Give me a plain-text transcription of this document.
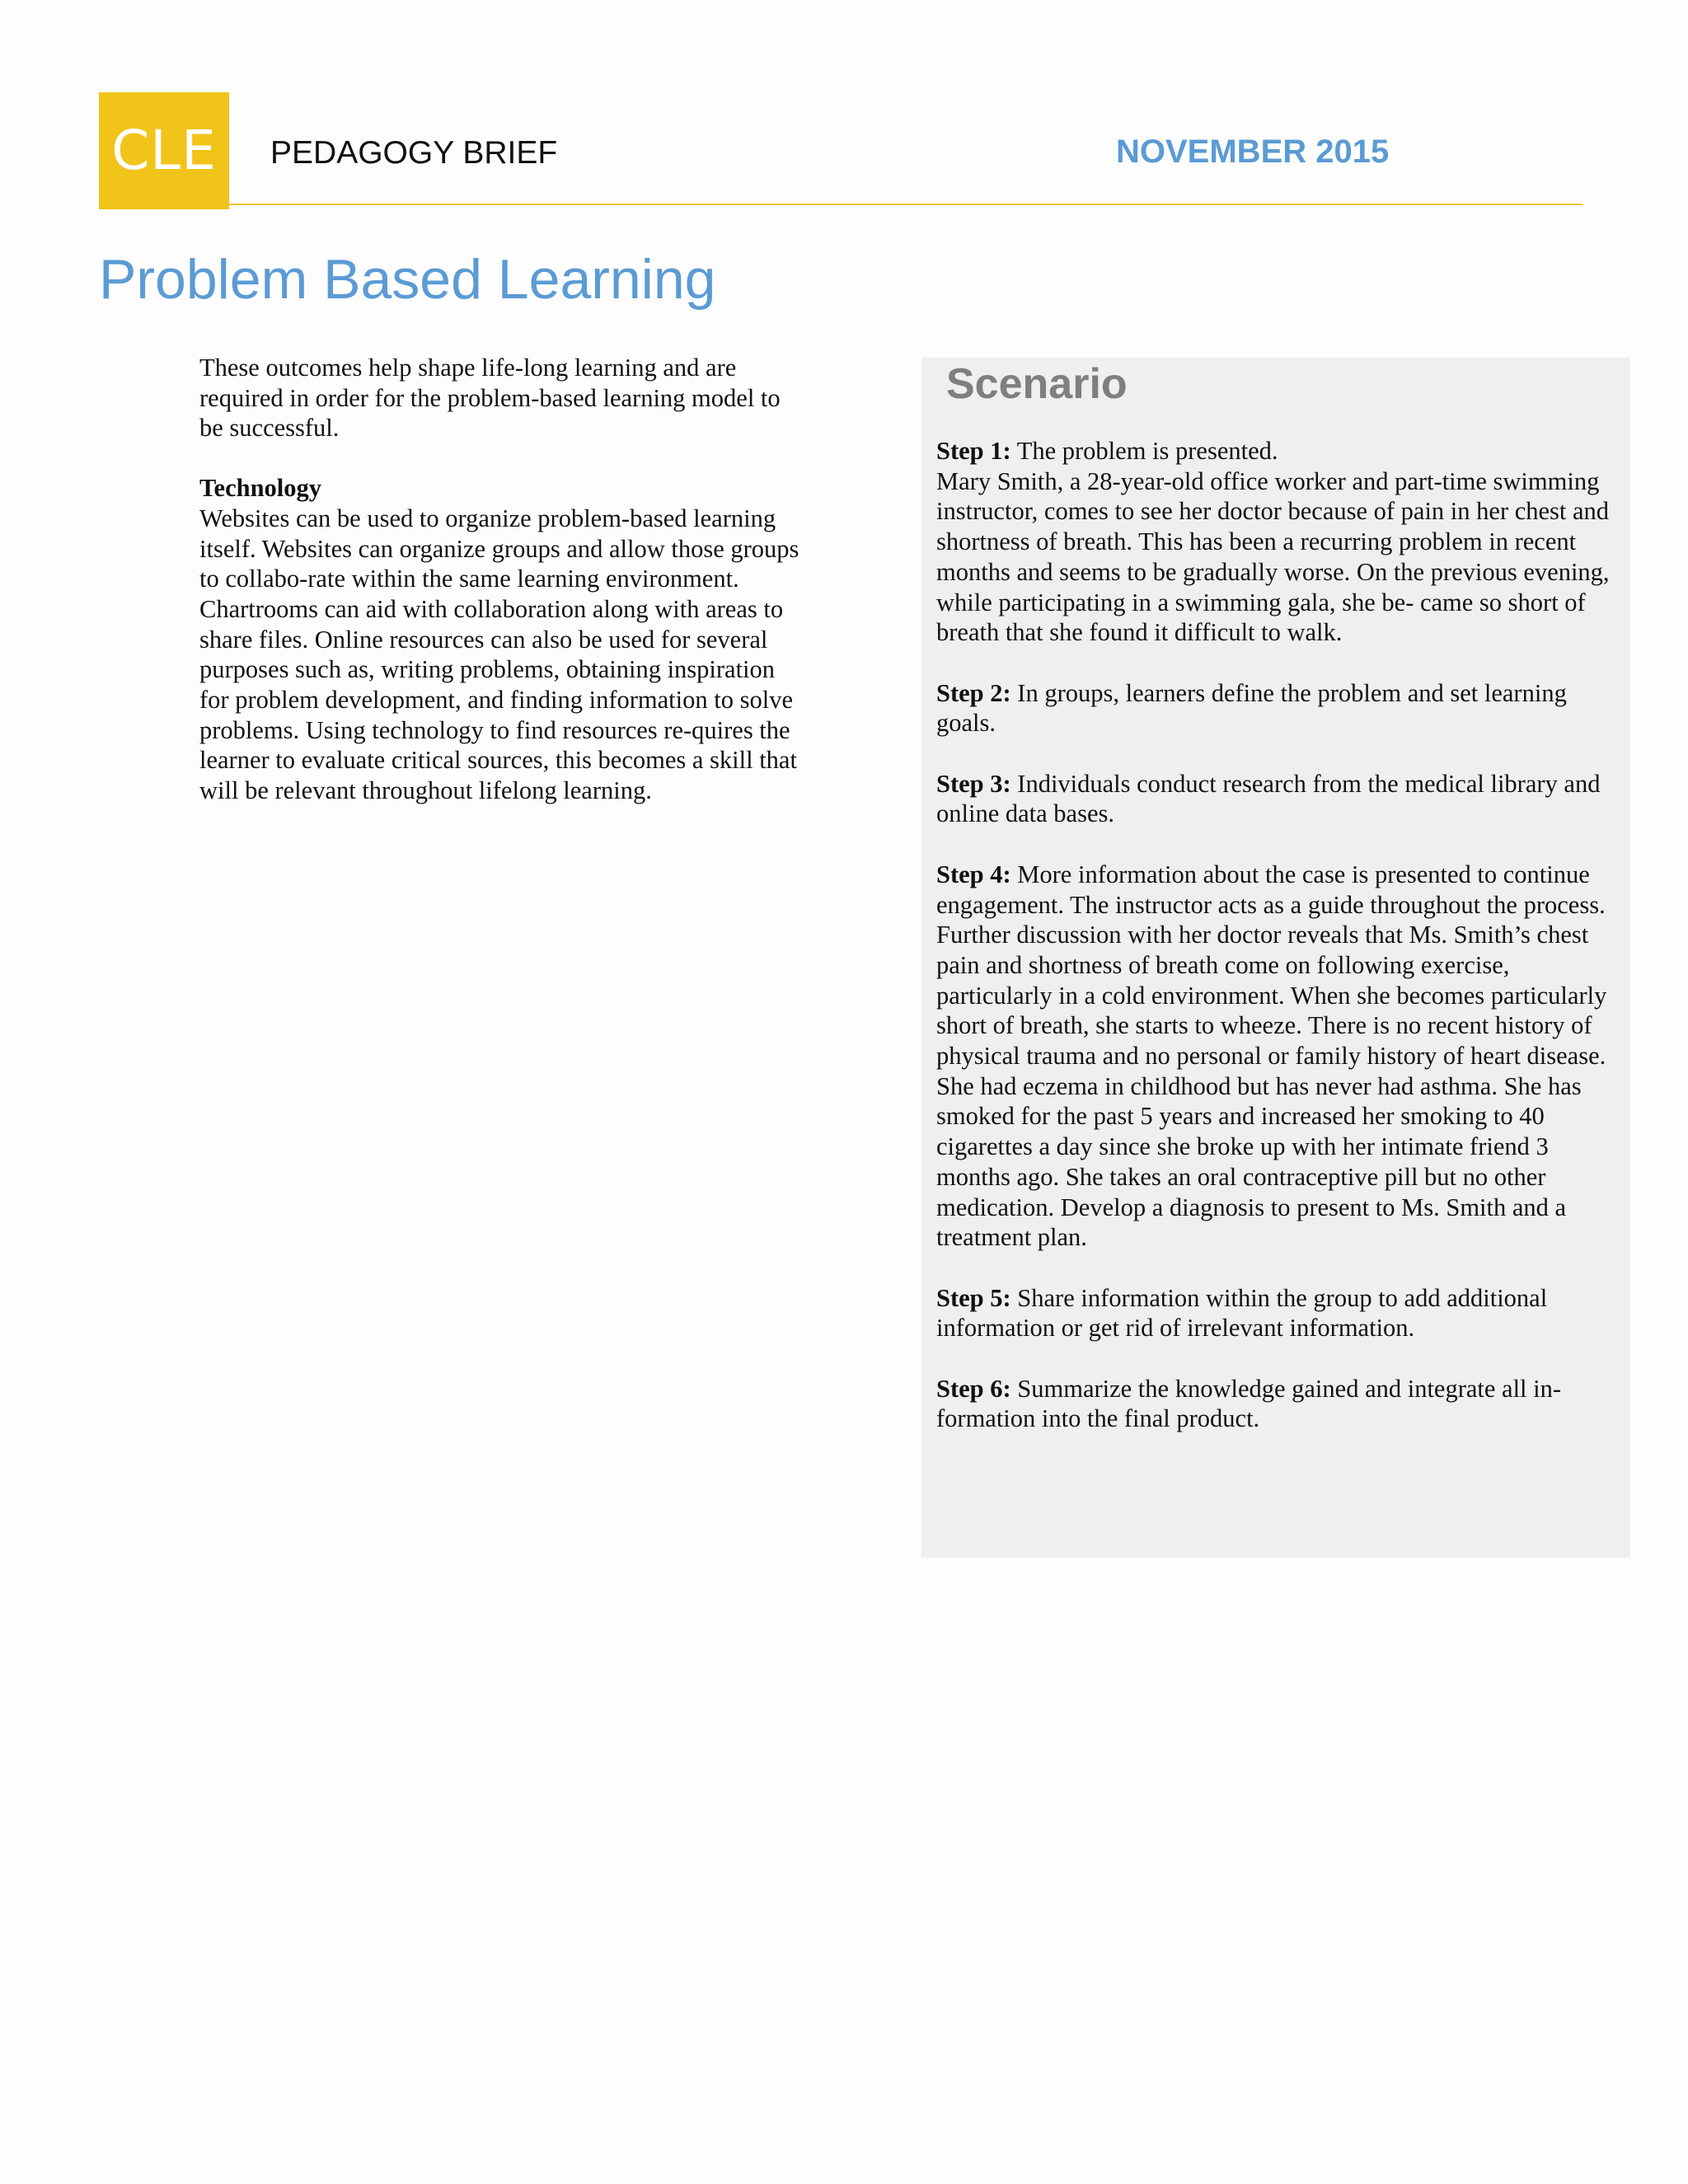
CLE	PEDAGOGY BRIEF	NOVEMBER 2015
Problem Based Learning

These outcomes help shape life-long learning and are required in order for the problem-based learning model to be successful.

Technology

Websites can be used to organize problem-based learning itself. Websites can organize groups and allow those groups to collabo-rate within the same learning environment. Chartrooms can aid with collaboration along with areas to share files. Online resources can also be used for several purposes such as, writing problems, obtaining inspiration for problem development, and finding information to solve problems. Using technology to find resources re-quires the learner to evaluate critical sources, this becomes a skill that will be relevant throughout lifelong learning.

Scenario

Step 1: The problem is presented.

Mary Smith, a 28-year-old office worker and part-time swimming instructor, comes to see her doctor because of pain in her chest and shortness of breath. This has been a recurring problem in recent months and seems to be gradually worse. On the previous evening, while participating in a swimming gala, she be- came so short of breath that she found it difficult to walk.

Step 2: In groups, learners define the problem and set learning goals.

Step 3: Individuals conduct research from the medical library and online data bases.

Step 4: More information about the case is presented to continue engagement. The instructor acts as a guide throughout the process.

Further discussion with her doctor reveals that Ms. Smith’s chest pain and shortness of breath come on following exercise, particularly in a cold environment. When she becomes particularly short of breath, she starts to wheeze. There is no recent history of physical trauma and no personal or family history of heart disease. She had eczema in childhood but has never had asthma. She has smoked for the past 5 years and increased her smoking to 40 cigarettes a day since she broke up with her intimate friend 3 months ago. She takes an oral contraceptive pill but no other medication. Develop a diagnosis to present to Ms. Smith and a treatment plan.

Step 5: Share information within the group to add additional information or get rid of irrelevant information.

Step 6: Summarize the knowledge gained and integrate all in- formation into the final product.
